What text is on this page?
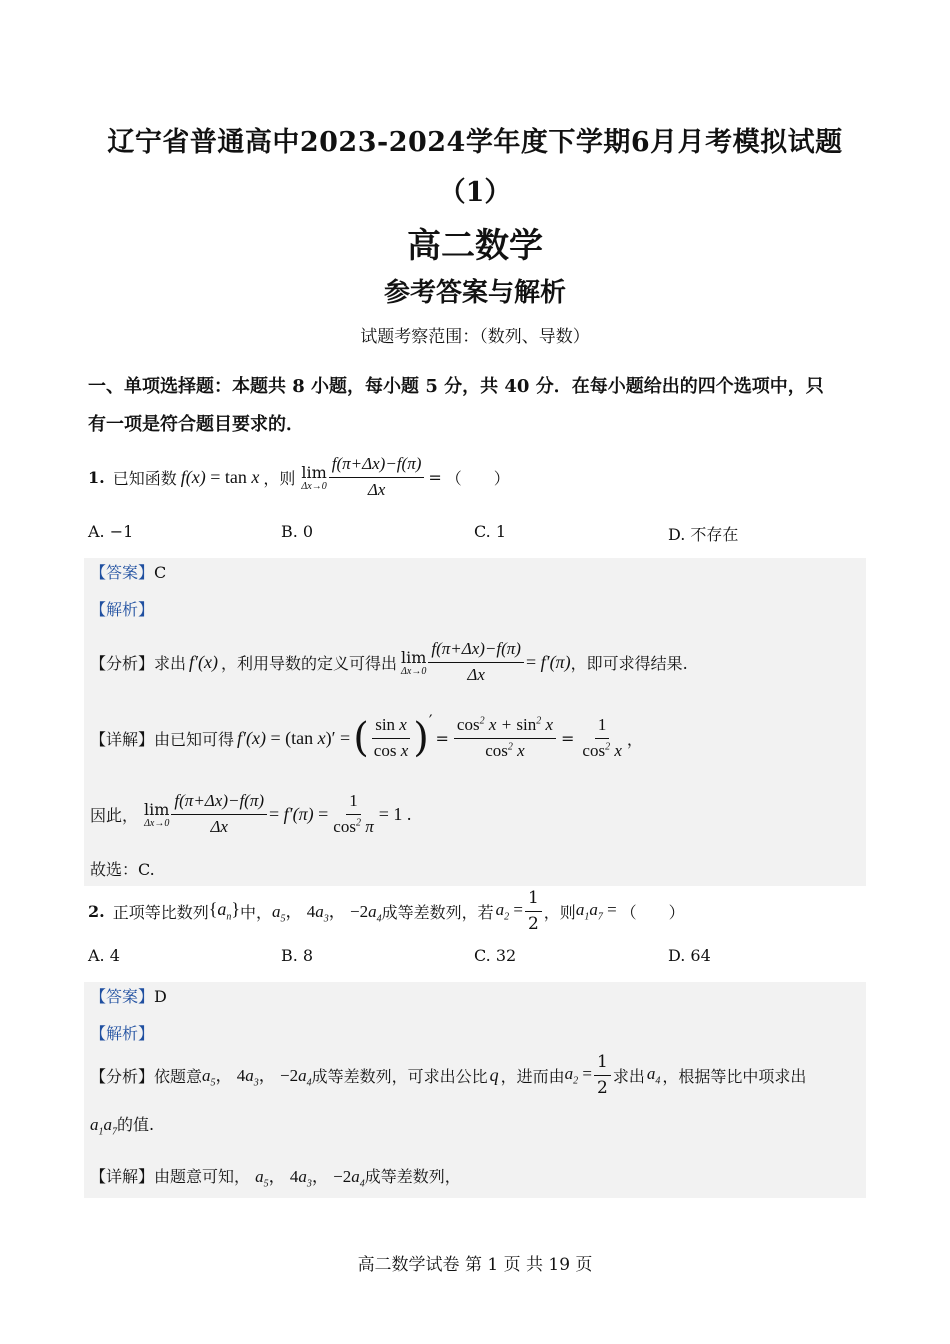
辽宁省普通高中2023-2024学年度下学期6月月考模拟试题
（1）
高二数学
参考答案与解析
试题考察范围：（数列、导数）
一、单项选择题：本题共 8 小题，每小题 5 分，共 40 分．在每小题给出的四个选项中，只
有一项是符合题目要求的．
1. 已知函数 f(x) = tan x ，则 lim
$\Delta x\to 0 \frac{f(\pi+\Delta x)-f(\pi)}{\Delta x}$ = （　　）
A. −1	B. 0	C. 1	D. 不存在
【答案】C
【解析】
【分析】 求出 f′(x) ，利用导数的定义可得出 lim
$\Delta x\to 0 \frac{f(\pi+\Delta x)-f(\pi)}{\Delta x} = f'(\pi)$ ，即可求得结果.
【详解】 由已知可得 f′(x) = (tan x)′ = ( $\frac{\text{sin x}}{\text{cos x}}$ ) ′
= $\frac{\cos^2 x + \sin^2 x}{\cos^2 x} = \frac{1}{\cos^2 x}$ ，
因此， lim
$\Delta x\to 0 \frac{f(\pi+\Delta x)-f(\pi)}{\Delta x} = f'(\pi) = \frac{1}{\cos^2 \pi} = 1$ .
故选：C.
2. 正项等比数列 $\{a_n\}$ 中， $a_5$， $4a_3$， $-2a_4$ 成等差数列，若 $a_2 = \frac{1}{2}$ ，则 $a_1a_7$ = （　　）
A. 4	B. 8	C. 32	D. 64
【答案】D
【解析】
【分析】 依题意 $a_5$， $4a_3$， $-2a_4$ 成等差数列，可求出公比 q ，进而由 $a_2 = \frac{1}{2}$ 求出 $a_4$ ，根据等比中项求出
$a_1a_7$的值.
【详解】由题意可知， $a_5$， $4a_3$， $-2a_4$成等差数列，
高二数学试卷 第 1 页 共 19 页
